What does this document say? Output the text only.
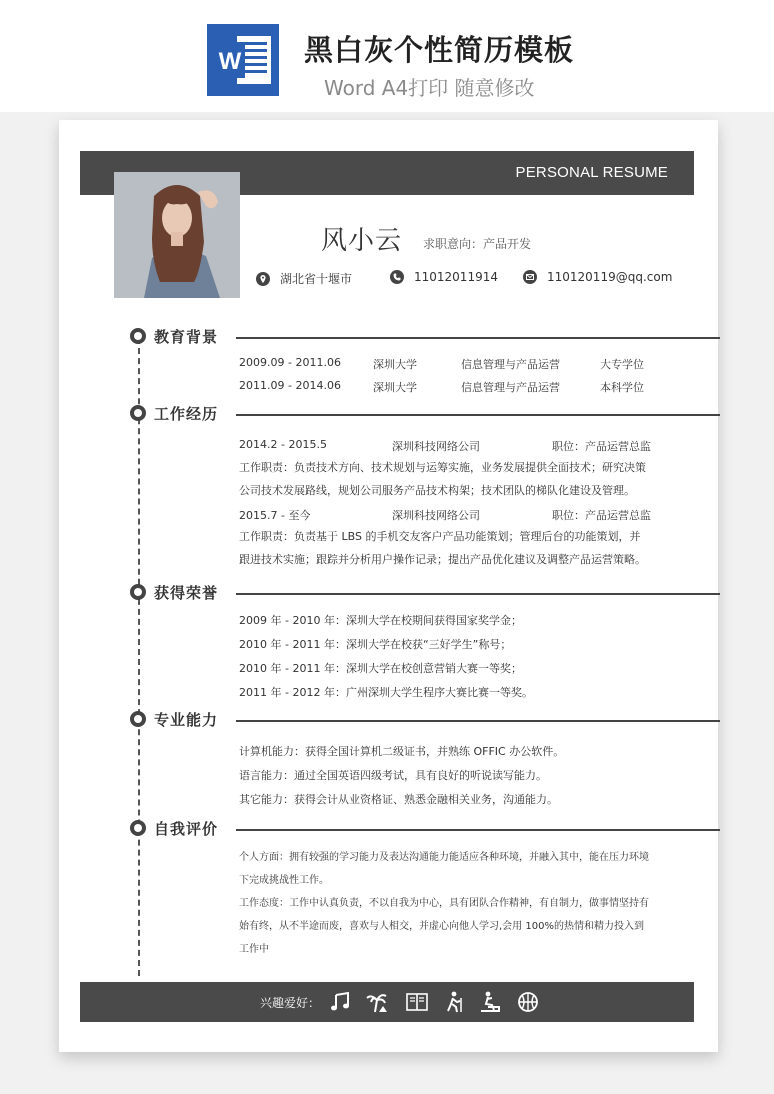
W 黑白灰个性简历模板
Word A4打印 随意修改
PERSONAL RESUME
风小云 求职意向：产品开发
湖北省十堰市	11012011914	110120119@qq.com
教育背景
2009.09 - 2011.06	深圳大学	信息管理与产品运营	大专学位
2011.09 - 2014.06	深圳大学	信息管理与产品运营	本科学位
工作经历
2014.2 - 2015.5	深圳科技网络公司	职位：产品运营总监
工作职责：负责技术方向、技术规划与运筹实施，业务发展提供全面技术；研究决策公司技术发展路线，规划公司服务产品技术构架；技术团队的梯队化建设及管理。
2015.7 - 至今	深圳科技网络公司	职位：产品运营总监
工作职责：负责基于 LBS 的手机交友客户产品功能策划；管理后台的功能策划，并跟进技术实施；跟踪并分析用户操作记录；提出产品优化建议及调整产品运营策略。
获得荣誉
2009 年 - 2010 年：深圳大学在校期间获得国家奖学金；
2010 年 - 2011 年：深圳大学在校获“三好学生”称号；
2010 年 - 2011 年：深圳大学在校创意营销大赛一等奖；
2011 年 - 2012 年：广州深圳大学生程序大赛比赛一等奖。
专业能力
计算机能力：获得全国计算机二级证书，并熟练 OFFIC 办公软件。
语言能力：通过全国英语四级考试，具有良好的听说读写能力。
其它能力：获得会计从业资格证、熟悉金融相关业务，沟通能力。
自我评价
个人方面：拥有较强的学习能力及表达沟通能力能适应各种环境，并融入其中，能在压力环境下完成挑战性工作。
工作态度：工作中认真负责，不以自我为中心，具有团队合作精神，有自制力，做事情坚持有始有终，从不半途而废，喜欢与人相交，并虚心向他人学习,会用 100%的热情和精力投入到工作中
兴趣爱好：
